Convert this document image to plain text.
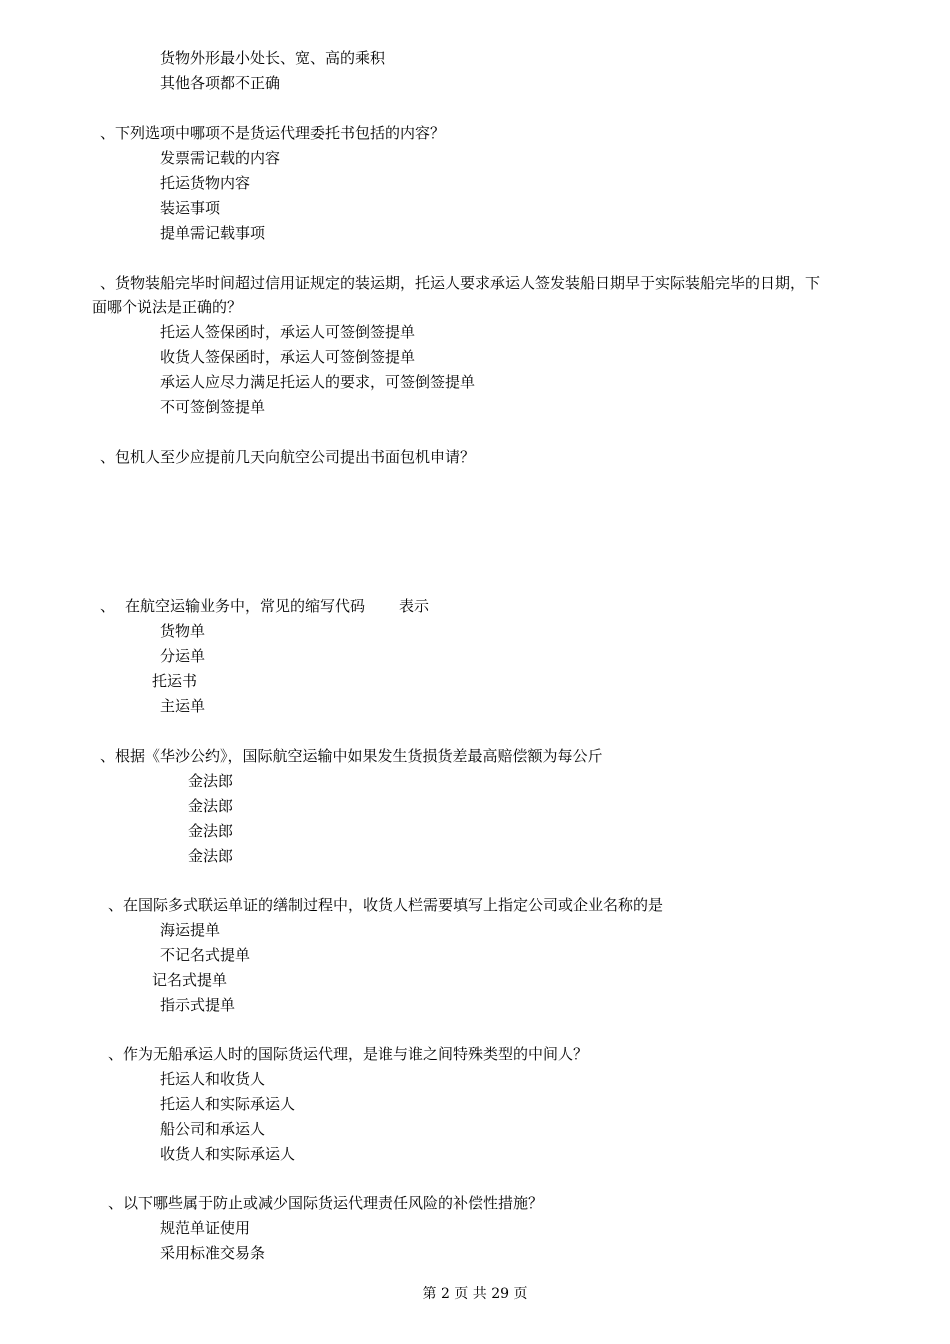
货物外形最小处长、宽、高的乘积
其他各项都不正确
、下列选项中哪项不是货运代理委托书包括的内容？
发票需记载的内容
托运货物内容
装运事项
提单需记载事项
、货物装船完毕时间超过信用证规定的装运期，托运人要求承运人签发装船日期早于实际装船完毕的日期，下
面哪个说法是正确的？
托运人签保函时，承运人可签倒签提单
收货人签保函时，承运人可签倒签提单
承运人应尽力满足托运人的要求，可签倒签提单
不可签倒签提单
、包机人至少应提前几天向航空公司提出书面包机申请？
、 在航空运输业务中，常见的缩写代码 表示
货物单
分运单
托运书
主运单
、根据《华沙公约》，国际航空运输中如果发生货损货差最高赔偿额为每公斤
金法郎
金法郎
金法郎
金法郎
、在国际多式联运单证的缮制过程中，收货人栏需要填写上指定公司或企业名称的是
海运提单
不记名式提单
记名式提单
指示式提单
、作为无船承运人时的国际货运代理，是谁与谁之间特殊类型的中间人？
托运人和收货人
托运人和实际承运人
船公司和承运人
收货人和实际承运人
、以下哪些属于防止或减少国际货运代理责任风险的补偿性措施？
规范单证使用
采用标准交易条
第 2 页 共 29 页
